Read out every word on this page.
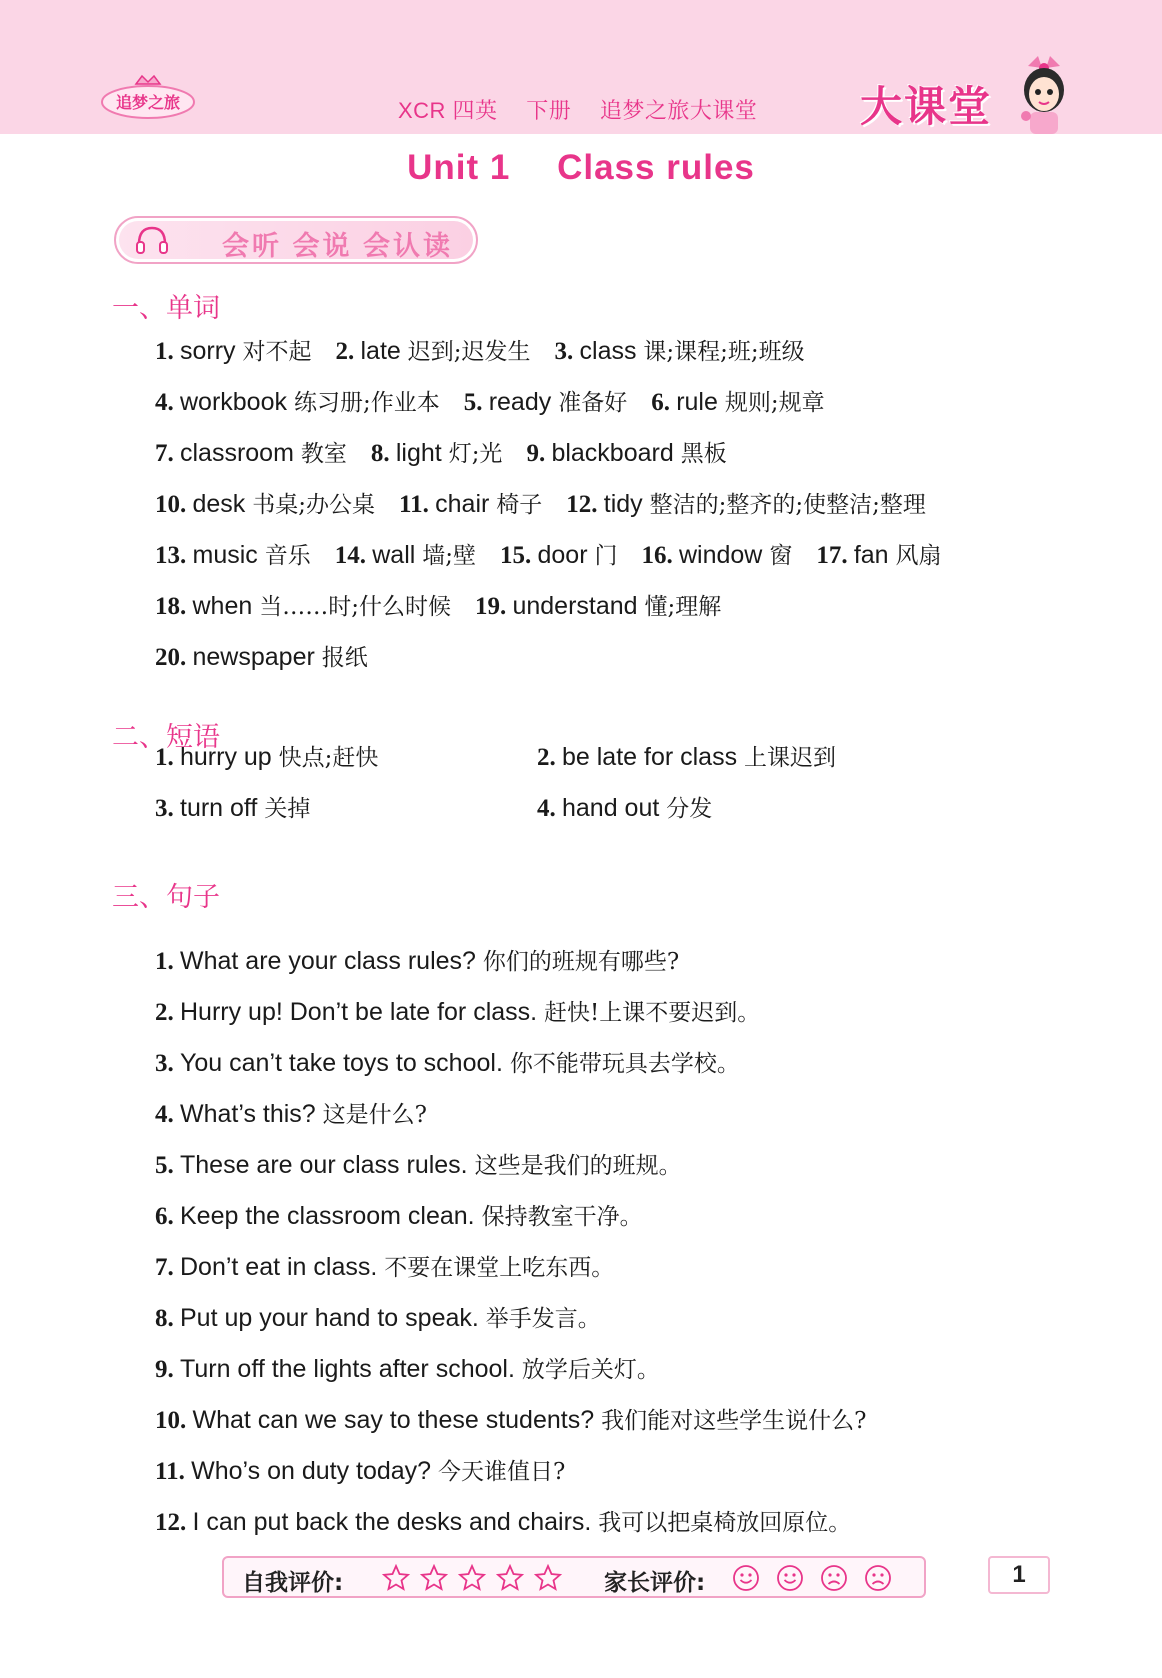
追梦之旅	XCR 四英 下册 追梦之旅大课堂	大课堂
Unit 1 Class rules
会听 会说 会认读
一、单词
1. sorry 对不起 2. late 迟到;迟发生 3. class 课;课程;班;班级
4. workbook 练习册;作业本 5. ready 准备好 6. rule 规则;规章
7. classroom 教室 8. light 灯;光 9. blackboard 黑板
10. desk 书桌;办公桌 11. chair 椅子 12. tidy 整洁的;整齐的;使整洁;整理
13. music 音乐 14. wall 墙;壁 15. door 门 16. window 窗 17. fan 风扇
18. when 当……时;什么时候 19. understand 懂;理解
20. newspaper 报纸
二、短语
1. hurry up 快点;赶快	2. be late for class 上课迟到
3. turn off 关掉	4. hand out 分发
三、句子
1. What are your class rules? 你们的班规有哪些?
2. Hurry up! Don’t be late for class. 赶快!上课不要迟到。
3. You can’t take toys to school. 你不能带玩具去学校。
4. What’s this? 这是什么?
5. These are our class rules. 这些是我们的班规。
6. Keep the classroom clean. 保持教室干净。
7. Don’t eat in class. 不要在课堂上吃东西。
8. Put up your hand to speak. 举手发言。
9. Turn off the lights after school. 放学后关灯。
10. What can we say to these students? 我们能对这些学生说什么?
11. Who’s on duty today? 今天谁值日?
12. I can put back the desks and chairs. 我可以把桌椅放回原位。
自我评价:	家长评价:	1
